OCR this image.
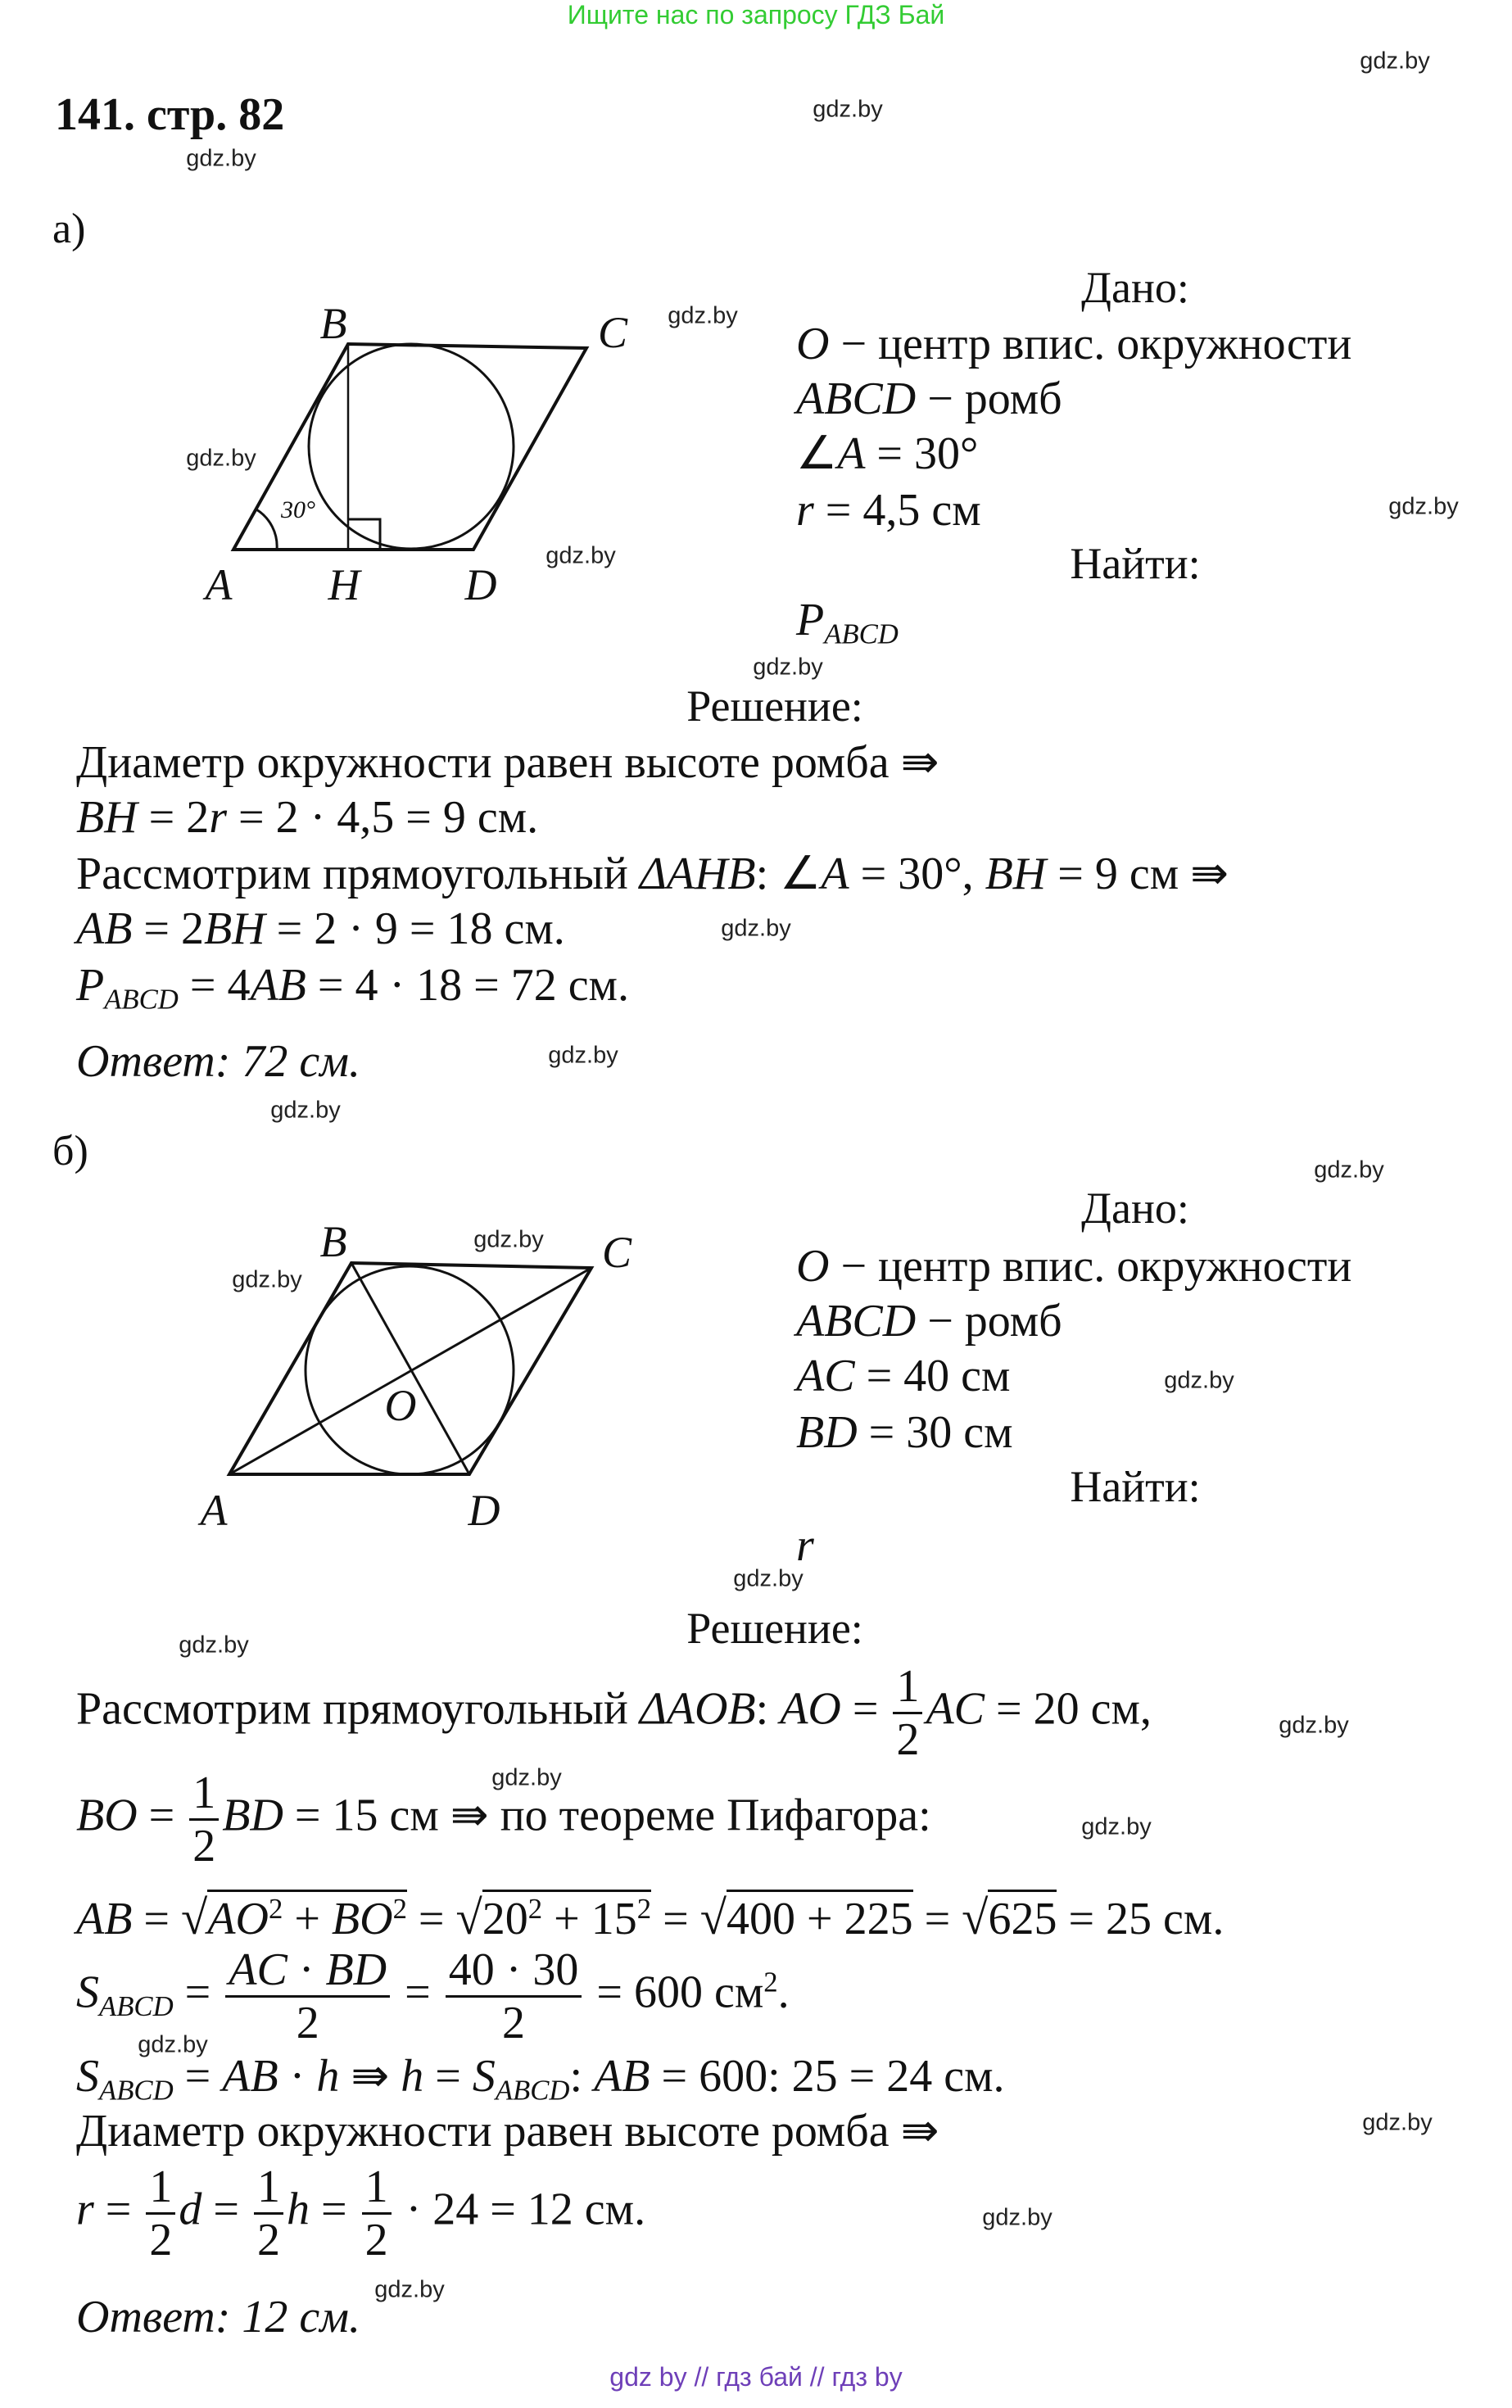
Ищите нас по запросу ГДЗ Бай
gdz.by
gdz.by
gdz.by
gdz.by
gdz.by
gdz.by
gdz.by
gdz.by
gdz.by
gdz.by
gdz.by
gdz.by
gdz.by
gdz.by
gdz.by
gdz.by
gdz.by
gdz.by
gdz.by
gdz.by
gdz.by
gdz.by
gdz.by
gdz.by
141. стр. 82
а)
B	C
A H D
30°
Дано:
O − центр впис. окружности
ABCD − ромб
∠A = 30°
r = 4,5 см
Найти:
$P_{ABCD}$
Решение:
Диаметр окружности равен высоте ромба ⇛
BH = 2r = 2 · 4,5 = 9 см.
Рассмотрим прямоугольный ΔAHB: ∠A = 30°, BH = 9 см ⇛
AB = 2BH = 2 · 9 = 18 см.
$P_{ABCD} = 4AB = 4 \cdot 18 = 72$ см.
Ответ: 72 см.
б)
B	C
A	D
O
Дано:
O − центр впис. окружности
ABCD − ромб
AC = 40 см
BD = 30 см
Найти:
r
Решение:
Рассмотрим прямоугольный ΔAOB: AO = $\frac{1}{2}$ AC = 20 см,
BO = $\frac{1}{2}$ BD = 15 см ⇛ по теореме Пифагора:
AB = $√AO^2 + BO^2 = √20^2 + 15^2 = √400 + 225 = √625 = 25$ см.
$S_{ABCD} = \frac{AC \cdot BD}{2} = \frac{40 \cdot 30}{2} = 600$ $см^2$.
$S_{ABCD}$ = AB · h ⇛ $h = S_{ABCD}$: AB = 600: 25 = 24 см.
Диаметр окружности равен высоте ромба ⇛
$r = \frac{1}{2}$ $d = \frac{1}{2}$ $h = \frac{1}{2} \cdot 24 = 12$ см.
Ответ: 12 см.
gdz by // гдз бай // гдз by
